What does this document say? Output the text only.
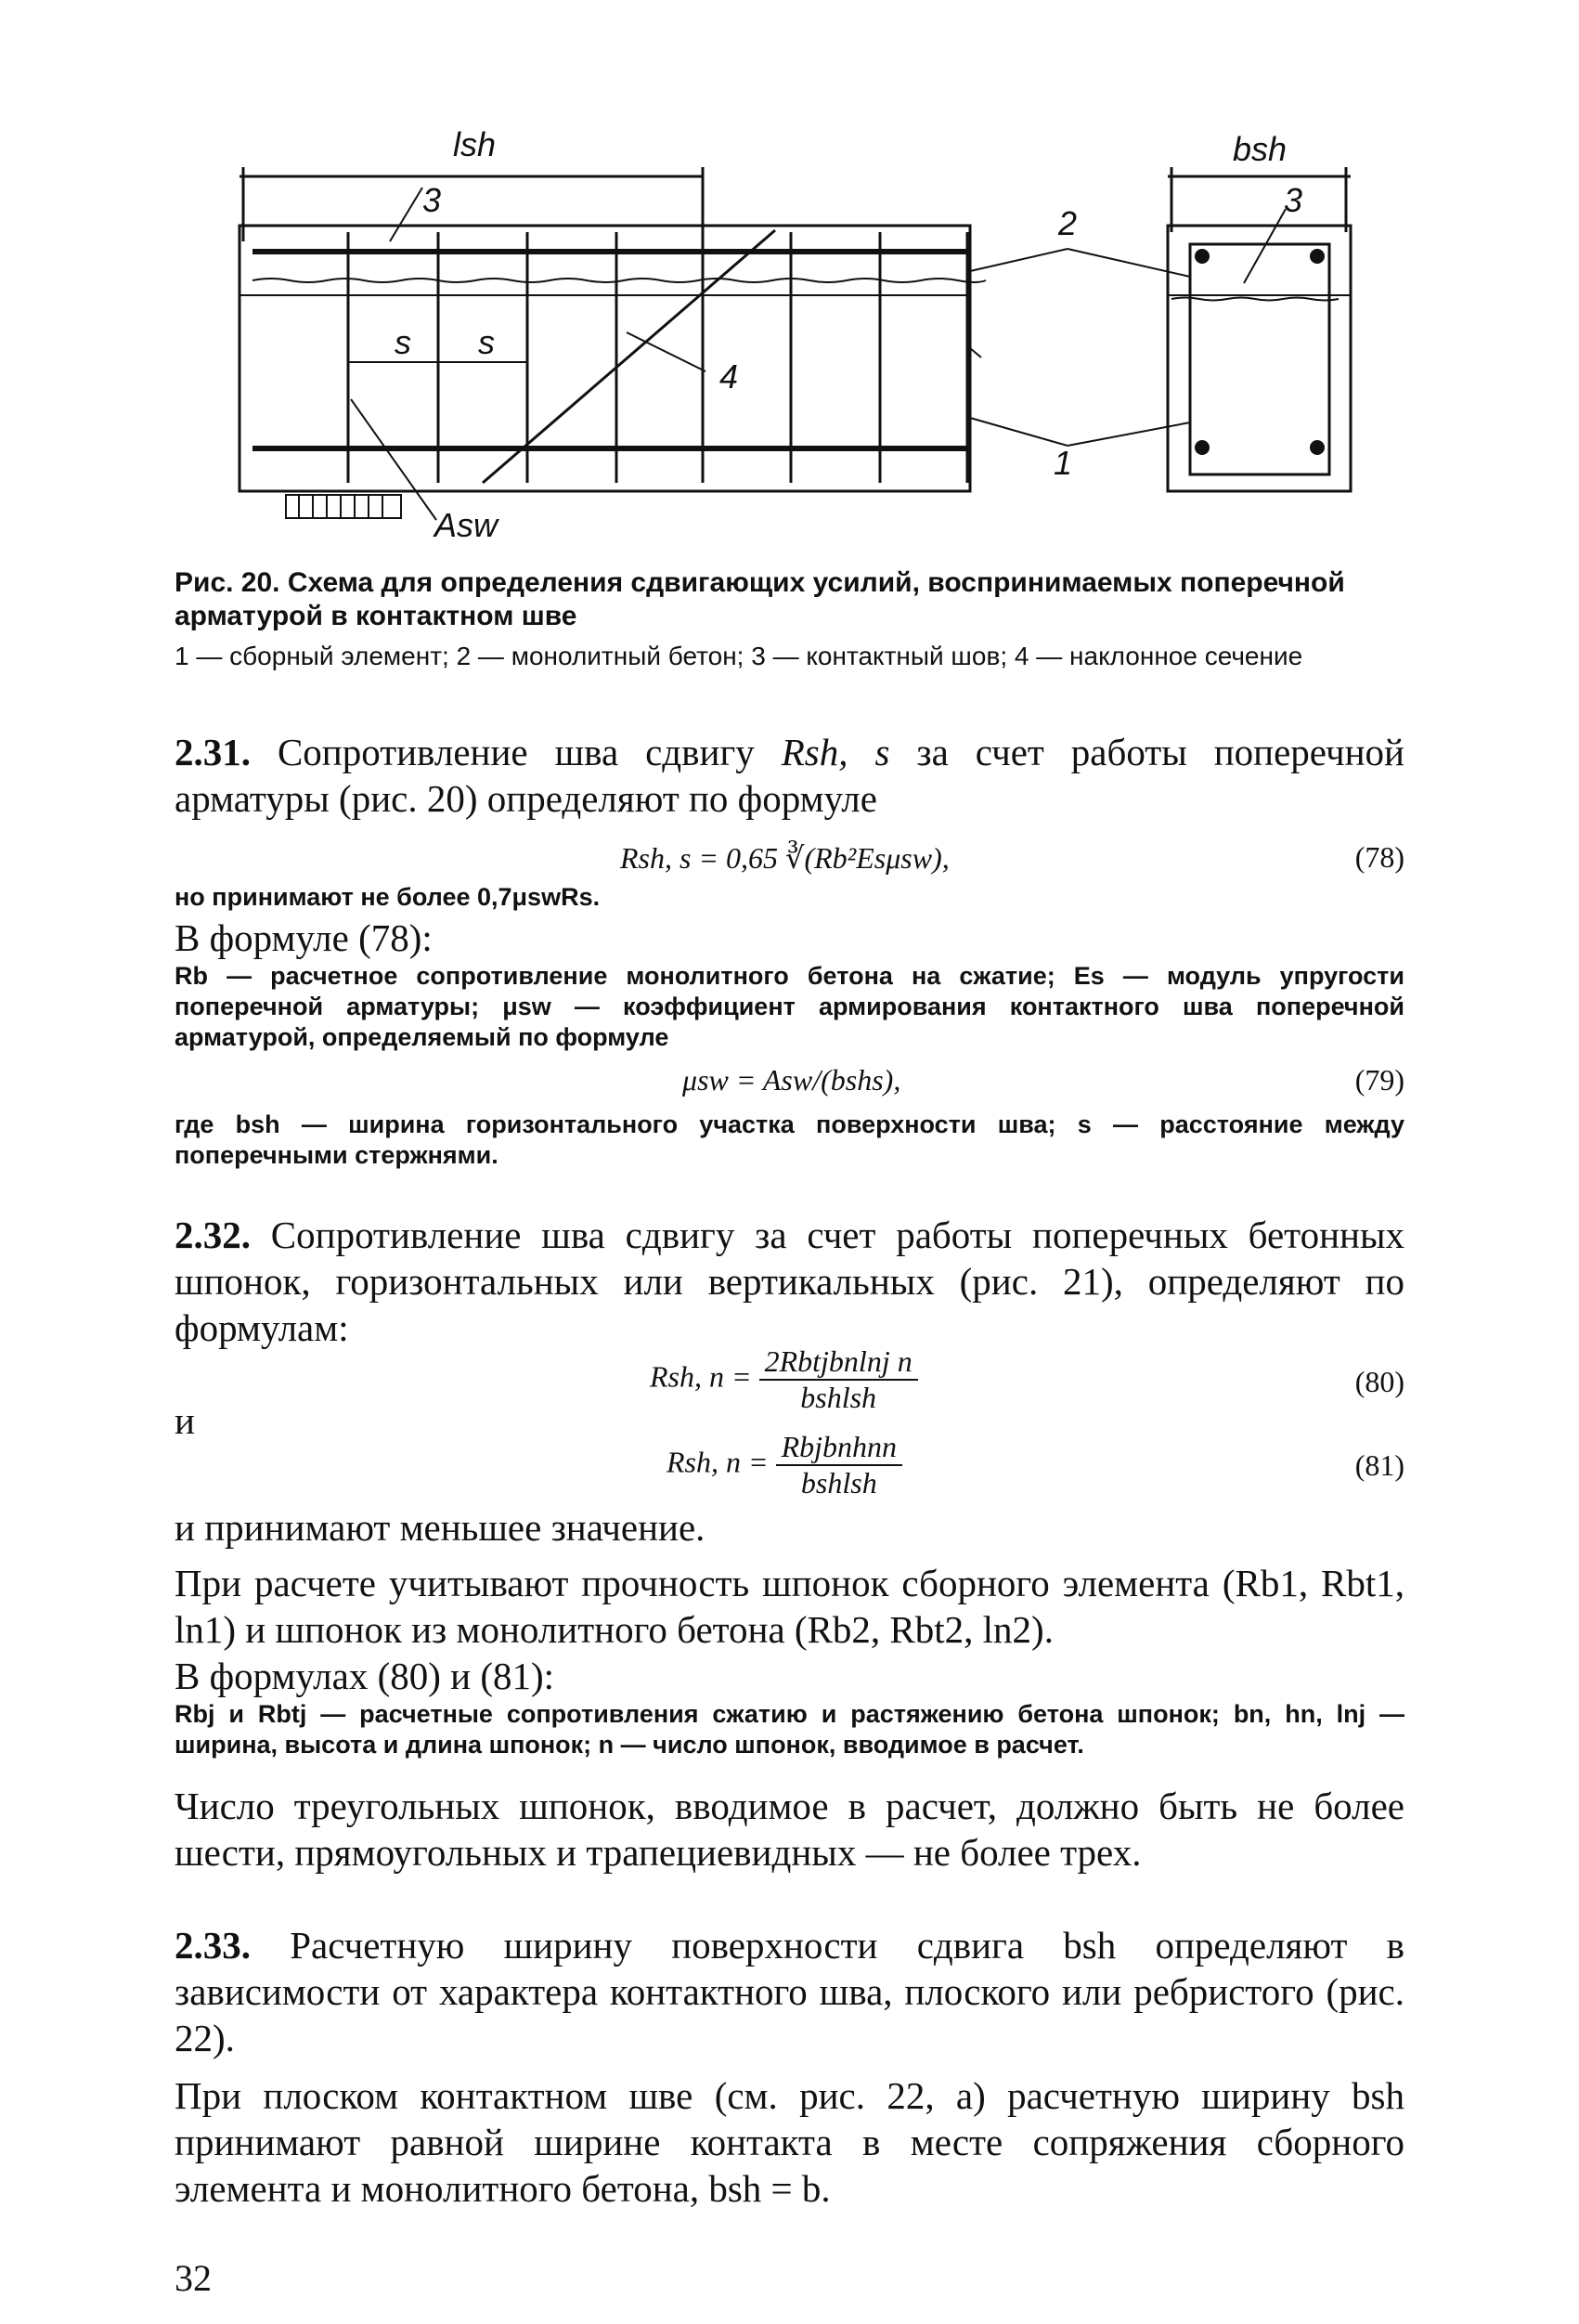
lsh	bsh
3	3
2
s s
4
1
Asw

Рис. 20. Схема для определения сдвигающих усилий, воспринимаемых поперечной арматурой в контактном шве

1 — сборный элемент; 2 — монолитный бетон; 3 — контактный шов; 4 — наклонное сечение

2.31. Сопротивление шва сдвигу Rsh, s за счет работы поперечной арматуры (рис. 20) определяют по формуле

Rsh, s = 0,65 ∛(Rb²Esμsw),	(78)

но принимают не более 0,7μswRs.

В формуле (78):

Rb — расчетное сопротивление монолитного бетона на сжатие; Es — модуль упругости поперечной арматуры; μsw — коэффициент армирования контактного шва поперечной арматурой, определяемый по формуле

μsw = Asw/(bshs),	(79)

где bsh — ширина горизонтального участка поверхности шва; s — расстояние между поперечными стержнями.

2.32. Сопротивление шва сдвигу за счет работы поперечных бетонных шпонок, горизонтальных или вертикальных (рис. 21), определяют по формулам:

Rsh, $n = \frac{\text{2Rbtjbnlnj n}}{\text{bshlsh}}$	(80)
и
Rsh, $n = \frac{\text{Rbjbnhnn}}{\text{bshlsh}}$	(81)

и принимают меньшее значение.

При расчете учитывают прочность шпонок сборного элемента (Rb1, Rbt1, ln1) и шпонок из монолитного бетона (Rb2, Rbt2, ln2).

В формулах (80) и (81):

Rbj и Rbtj — расчетные сопротивления сжатию и растяжению бетона шпонок; bn, hn, lnj — ширина, высота и длина шпонок; n — число шпонок, вводимое в расчет.

Число треугольных шпонок, вводимое в расчет, должно быть не более шести, прямоугольных и трапециевидных — не более трех.

2.33. Расчетную ширину поверхности сдвига bsh определяют в зависимости от характера контактного шва, плоского или ребристого (рис. 22).

При плоском контактном шве (см. рис. 22, а) расчетную ширину bsh принимают равной ширине контакта в месте сопряжения сборного элемента и монолитного бетона, bsh = b.

32
